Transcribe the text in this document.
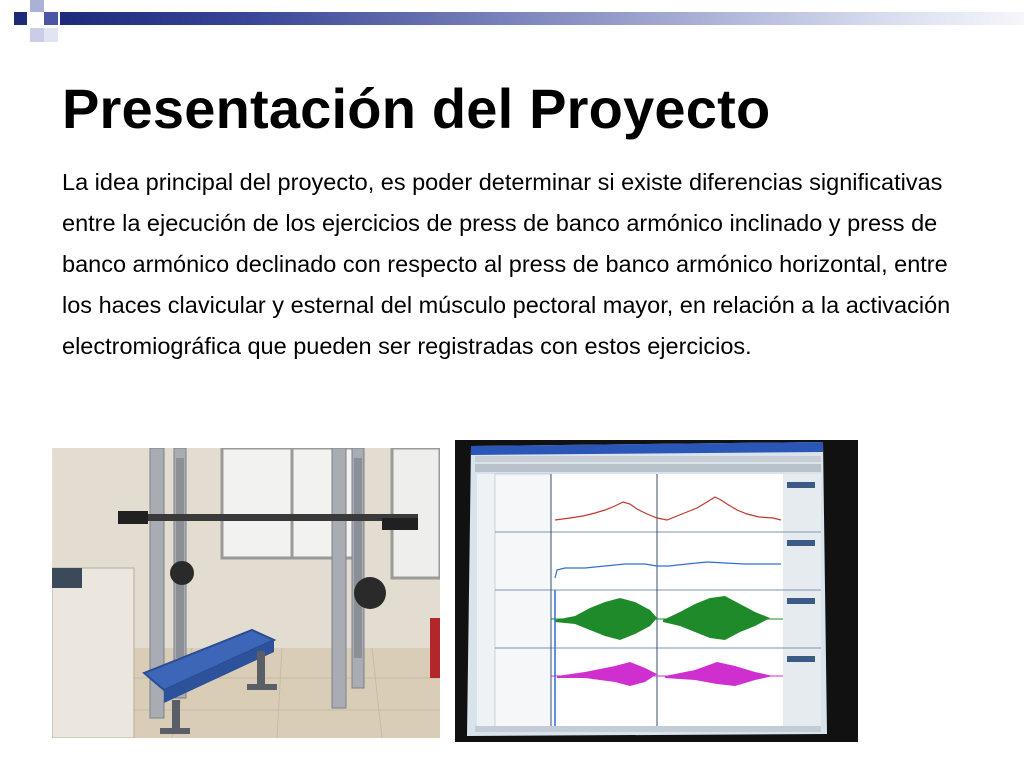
Presentación del Proyecto

La idea principal del proyecto, es poder determinar si existe diferencias significativas entre la ejecución de los ejercicios de press de banco armónico inclinado y press de banco armónico declinado con respecto al press de banco armónico horizontal, entre los haces clavicular y esternal del músculo pectoral mayor, en relación a la activación electromiográfica que pueden ser registradas con estos ejercicios.
